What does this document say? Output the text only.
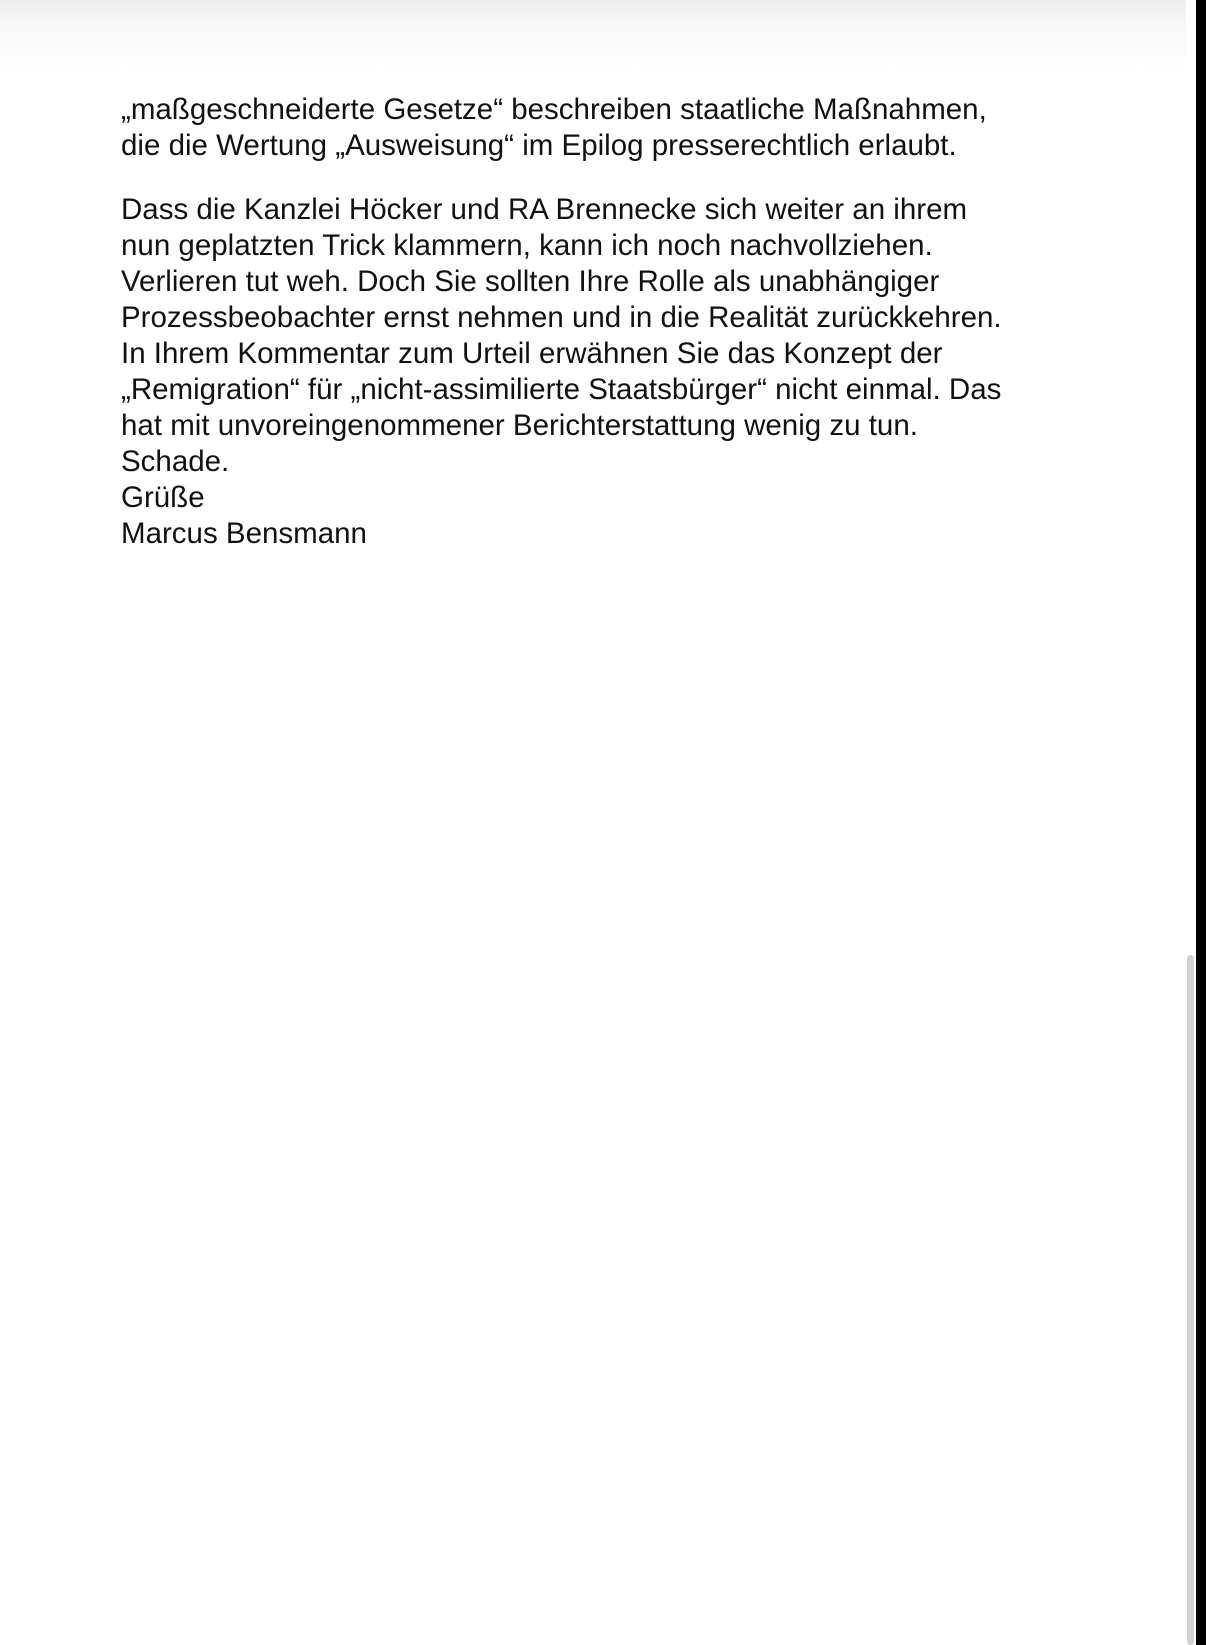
„maßgeschneiderte Gesetze“ beschreiben staatliche Maßnahmen,
die die Wertung „Ausweisung“ im Epilog presserechtlich erlaubt.

Dass die Kanzlei Höcker und RA Brennecke sich weiter an ihrem
nun geplatzten Trick klammern, kann ich noch nachvollziehen.
Verlieren tut weh. Doch Sie sollten Ihre Rolle als unabhängiger
Prozessbeobachter ernst nehmen und in die Realität zurückkehren.
In Ihrem Kommentar zum Urteil erwähnen Sie das Konzept der
„Remigration“ für „nicht-assimilierte Staatsbürger“ nicht einmal. Das
hat mit unvoreingenommener Berichterstattung wenig zu tun.
Schade.
Grüße
Marcus Bensmann
